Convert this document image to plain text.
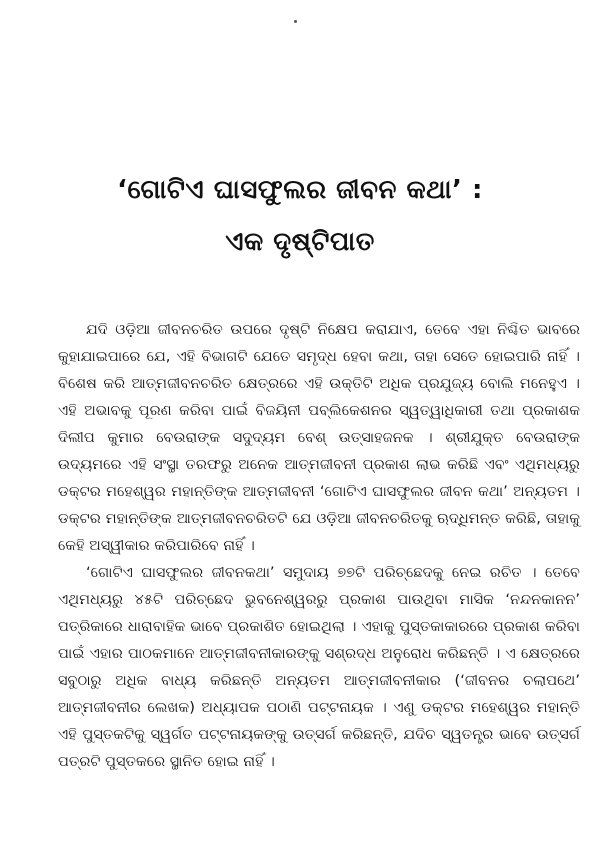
‘ଗୋଟିଏ ଘାସଫୁଲର ଜୀବନ କଥା’ :
ଏକ ଦୃଷ୍ଟିପାତ

ଯଦି ଓଡ଼ିଆ ଜୀବନଚରିତ ଉପରେ ଦୃଷ୍ଟି ନିକ୍ଷେପ କରାଯାଏ, ତେବେ ଏହା ନିଶ୍ଚିତ ଭାବରେ କୁହାଯାଇପାରେ ଯେ, ଏହି ବିଭାଗଟି ଯେତେ ସମୃଦ୍ଧ ହେବା କଥା, ତାହା ସେତେ ହୋଇପାରି ନାହିଁ । ବିଶେଷ କରି ଆତ୍ମଜୀବନଚରିତ କ୍ଷେତ୍ରରେ ଏହି ଉକ୍ତିଟି ଅଧିକ ପ୍ରଯୁଜ୍ୟ ବୋଲି ମନେହୁଏ । ଏହି ଅଭାବକୁ ପୂରଣ କରିବା ପାଇଁ ବିଜୟିନୀ ପବ୍ଲିକେଶନର ସ୍ୱତ୍ୱାଧିକାରୀ ତଥା ପ୍ରକାଶକ ଦିଲୀପ କୁମାର ବେଉରାଙ୍କ ସଦୁଦ୍ୟମ ବେଶ୍ ଉତ୍ସାହଜନକ । ଶ୍ରୀଯୁକ୍ତ ବେଉରାଙ୍କ ଉଦ୍ୟମରେ ଏହି ସଂସ୍ଥା ତରଫରୁ ଅନେକ ଆତ୍ମଜୀବନୀ ପ୍ରକାଶ ଲାଭ କରିଛି ଏବଂ ଏଥିମଧ୍ୟରୁ ଡକ୍ଟର ମହେଶ୍ୱର ମହାନ୍ତିଙ୍କ ଆତ୍ମଜୀବନୀ ‘ଗୋଟିଏ ଘାସଫୁଲର ଜୀବନ କଥା’ ଅନ୍ୟତମ । ଡକ୍ଟର ମହାନ୍ତିଙ୍କ ଆତ୍ମଜୀବନଚରିତଟି ଯେ ଓଡ଼ିଆ ଜୀବନଚରିତକୁ ଋଦ୍ଧିମନ୍ତ କରିଛି, ତାହାକୁ କେହି ଅସ୍ୱୀକାର କରିପାରିବେ ନାହିଁ ।

‘ଗୋଟିଏ ଘାସଫୁଲର ଜୀବନକଥା’ ସମୁଦାୟ ୭୭ଟି ପରିଚ୍ଛେଦକୁ ନେଇ ରଚିତ । ତେବେ ଏଥିମଧ୍ୟରୁ ୪୫ଟି ପରିଚ୍ଛେଦ ଭୁବନେଶ୍ୱରରୁ ପ୍ରକାଶ ପାଉଥିବା ମାସିକ ‘ନନ୍ଦନକାନନ’ ପତ୍ରିକାରେ ଧାରାବାହିକ ଭାବେ ପ୍ରକାଶିତ ହୋଇଥିଲା । ଏହାକୁ ପୁସ୍ତକାକାରରେ ପ୍ରକାଶ କରିବା ପାଇଁ ଏହାର ପାଠକମାନେ ଆତ୍ମଜୀବନୀକାରଙ୍କୁ ସଶ୍ରଦ୍ଧ ଅନୁରୋଧ କରିଛନ୍ତି । ଏ କ୍ଷେତ୍ରରେ ସବୁଠାରୁ ଅଧିକ ବାଧ୍ୟ କରିଛନ୍ତି ଅନ୍ୟତମ ଆତ୍ମଜୀବନୀକାର (‘ଜୀବନର ଚଲାପଥେ’ ଆତ୍ମଜୀବନୀର ଲେଖକ) ଅଧ୍ୟାପକ ପଠାଣି ପଟ୍ଟନାୟକ । ଏଣୁ ଡକ୍ଟର ମହେଶ୍ୱର ମହାନ୍ତି ଏହି ପୁସ୍ତକଟିକୁ ସ୍ୱର୍ଗତ ପଟ୍ଟନାୟକଙ୍କୁ ଉତ୍ସର୍ଗ କରିଛନ୍ତି, ଯଦିଚ ସ୍ୱତନ୍ତ୍ର ଭାବେ ଉତ୍ସର୍ଗ ପତ୍ରଟି ପୁସ୍ତକରେ ସ୍ଥାନିତ ହୋଇ ନାହିଁ ।
